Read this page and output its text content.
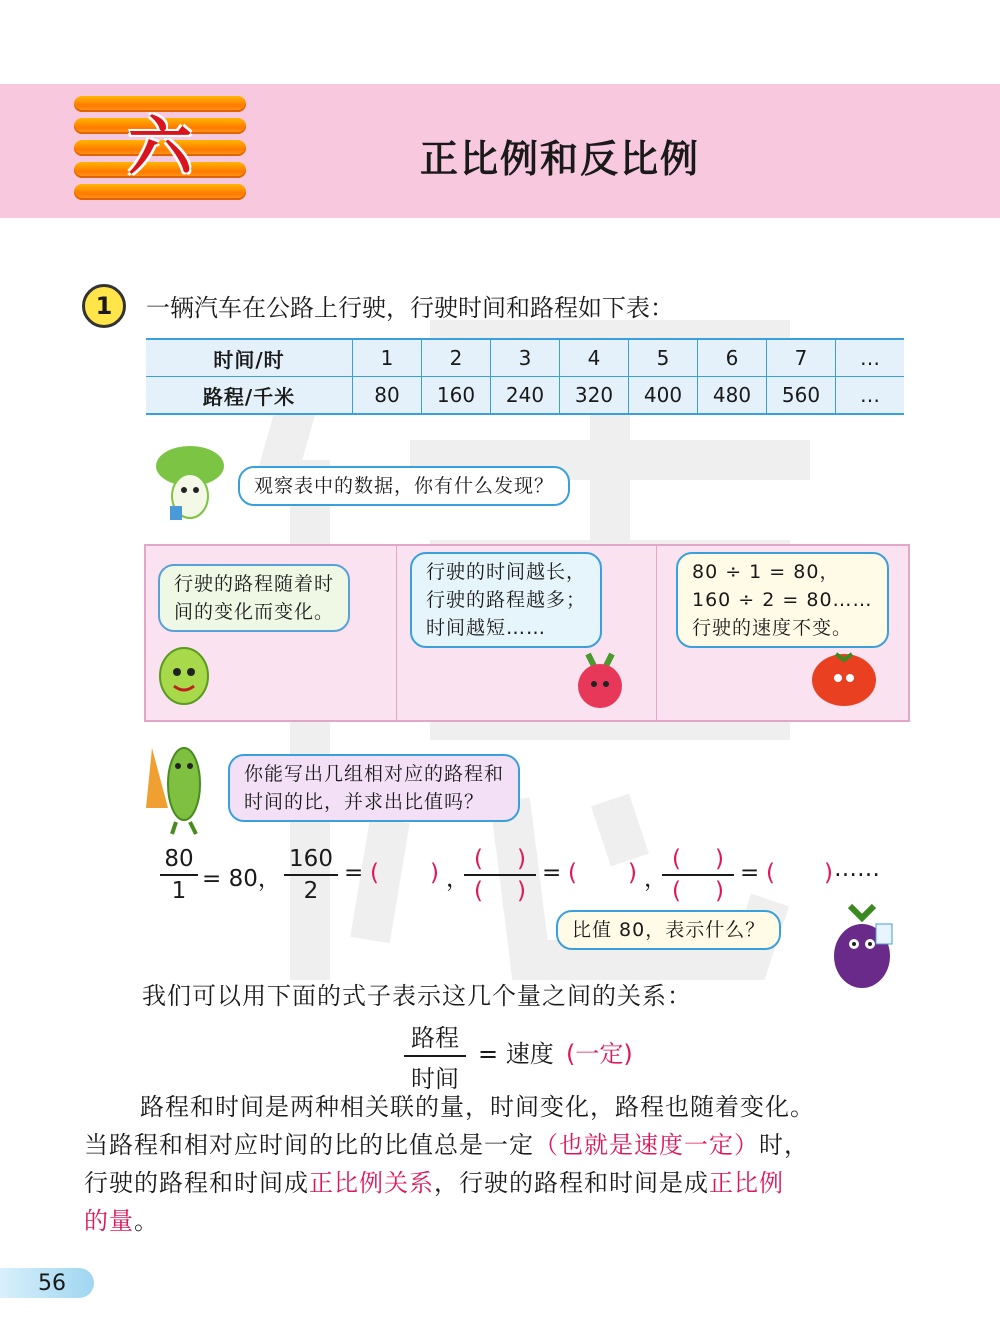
六	正比例和反比例
1	一辆汽车在公路上行驶，行驶时间和路程如下表：
时间/时	1	2	3	4	5	6	7	…
路程/千米	80	160	240	320	400	480	560	…
观察表中的数据，你有什么发现？
行驶的路程随着时
间的变化而变化。
行驶的时间越长，
行驶的路程越多；
时间越短……
80 ÷ 1 = 80，
160 ÷ 2 = 80……
行驶的速度不变。
你能写出几组相对应的路程和
时间的比，并求出比值吗？
80
1 = 80，
160
2
= ( ) ，
( )
( )
= ( ) ，
( )
( )
= ( ) ……
比值 80，表示什么？
我们可以用下面的式子表示这几个量之间的关系：
路程
时间
= 速度 (一定)
路程和时间是两种相关联的量，时间变化，路程也随着变化。
当路程和相对应时间的比的比值总是一定（也就是速度一定）时，
行驶的路程和时间成正比例关系，行驶的路程和时间是成正比例
的量。
56
